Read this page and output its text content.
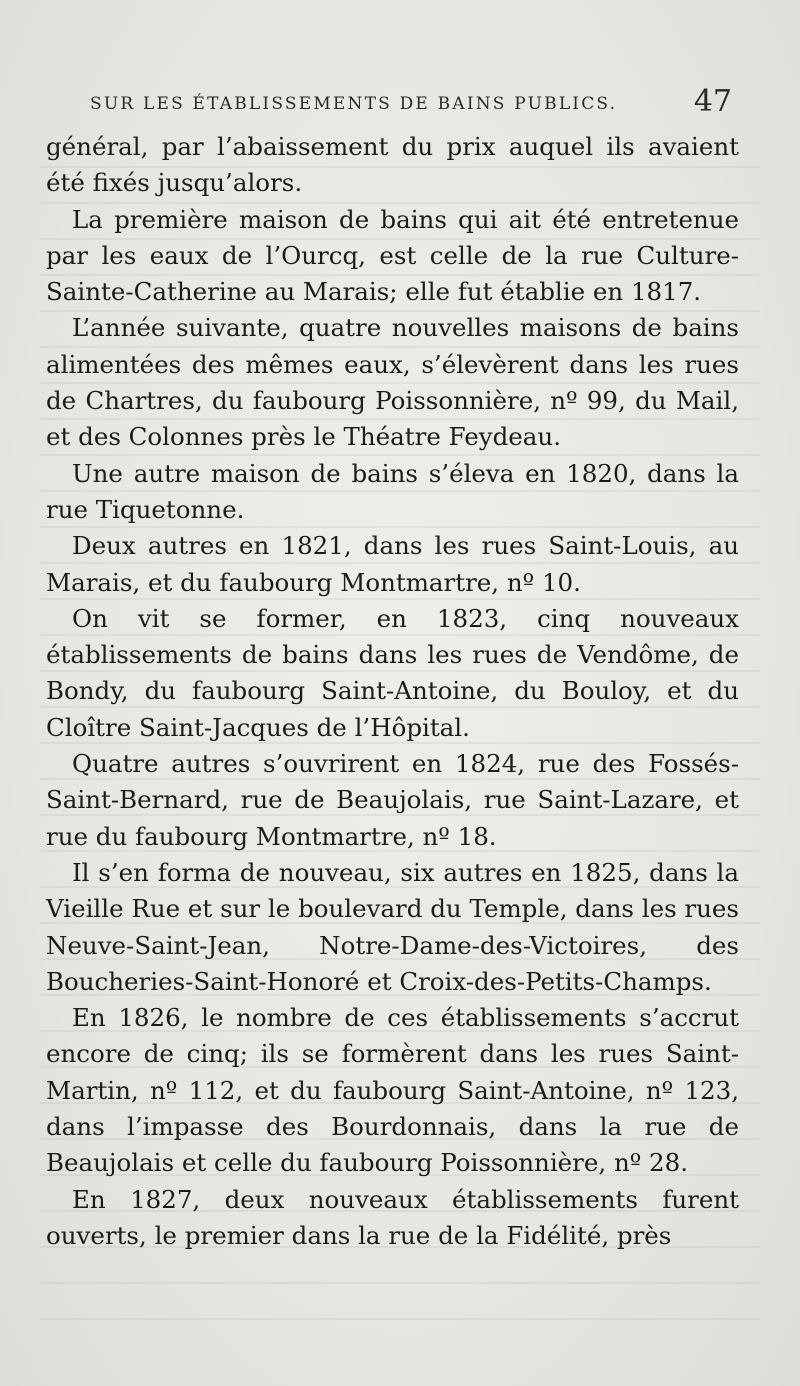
SUR LES ÉTABLISSEMENTS DE BAINS PUBLICS.	47

général, par l’abaissement du prix auquel ils avaient été fixés jusqu’alors.

La première maison de bains qui ait été entretenue par les eaux de l’Ourcq, est celle de la rue Culture-Sainte-Catherine au Marais; elle fut établie en 1817.

L’année suivante, quatre nouvelles maisons de bains alimentées des mêmes eaux, s’élevèrent dans les rues de Chartres, du faubourg Poissonnière, nº 99, du Mail, et des Colonnes près le Théatre Feydeau.

Une autre maison de bains s’éleva en 1820, dans la rue Tiquetonne.

Deux autres en 1821, dans les rues Saint-Louis, au Marais, et du faubourg Montmartre, nº 10.

On vit se former, en 1823, cinq nouveaux établissements de bains dans les rues de Vendôme, de Bondy, du faubourg Saint-Antoine, du Bouloy, et du Cloître Saint-Jacques de l’Hôpital.

Quatre autres s’ouvrirent en 1824, rue des Fossés-Saint-Bernard, rue de Beaujolais, rue Saint-Lazare, et rue du faubourg Montmartre, nº 18.

Il s’en forma de nouveau, six autres en 1825, dans la Vieille Rue et sur le boulevard du Temple, dans les rues Neuve-Saint-Jean, Notre-Dame-des-Victoires, des Boucheries-Saint-Honoré et Croix-des-Petits-Champs.

En 1826, le nombre de ces établissements s’accrut encore de cinq; ils se formèrent dans les rues Saint-Martin, nº 112, et du faubourg Saint-Antoine, nº 123, dans l’impasse des Bourdonnais, dans la rue de Beaujolais et celle du faubourg Poissonnière, nº 28.

En 1827, deux nouveaux établissements furent ouverts, le premier dans la rue de la Fidélité, près
